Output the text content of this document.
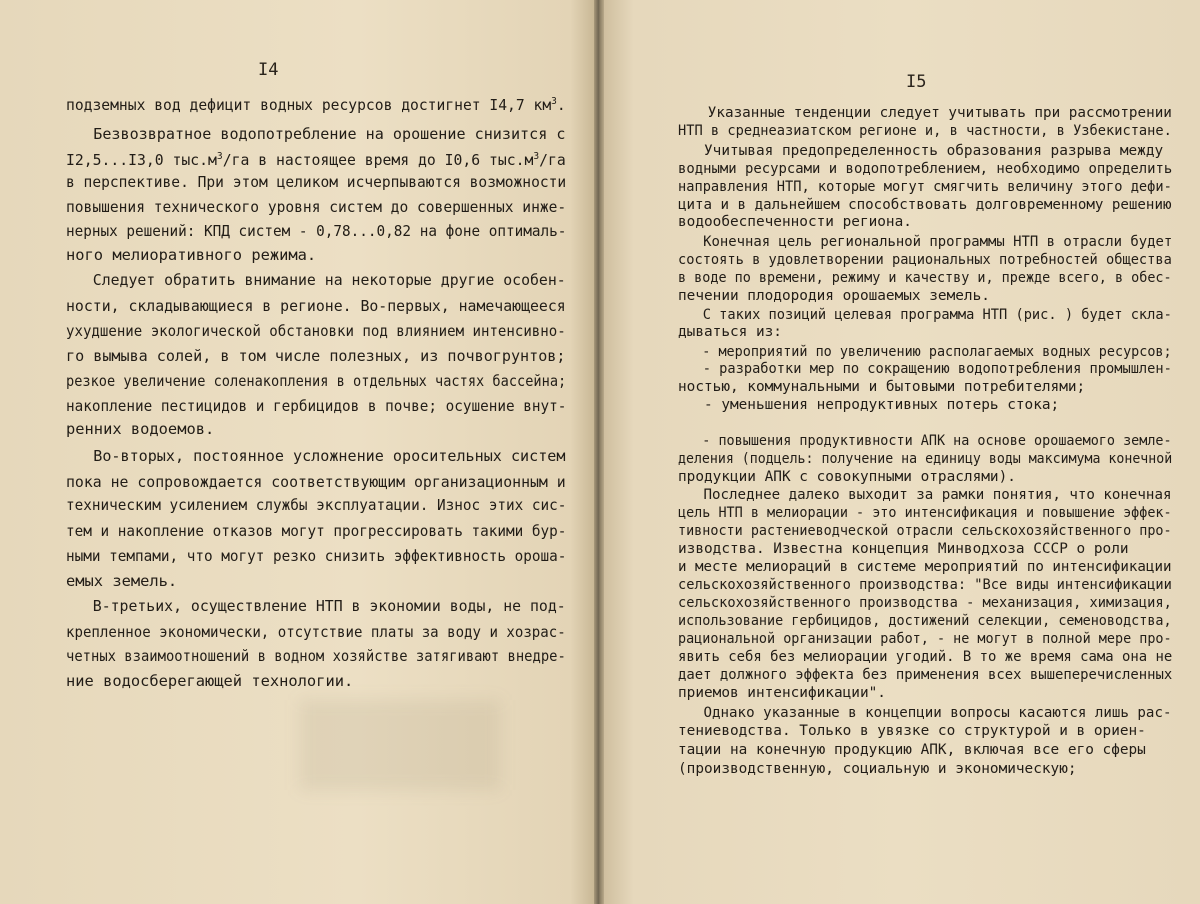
I4
подземных вод дефицит водных ресурсов достигнет I4,7 $км^3$.
Безвозвратное водопотребление на орошение снизится с
I2,5...I3,0 $тыс.м^3/га$ в настоящее время до I0,6 $тыс.м^3/га$
в перспективе. При этом целиком исчерпываются возможности
повышения технического уровня систем до совершенных инже-
нерных решений: КПД систем - 0,78...0,82 на фоне оптималь-
ного мелиоративного режима.
Следует обратить внимание на некоторые другие особен-
ности, складывающиеся в регионе. Во-первых, намечающееся
ухудшение экологической обстановки под влиянием интенсивно-
го вымыва солей, в том числе полезных, из почвогрунтов;
резкое увеличение соленакопления в отдельных частях бассейна;
накопление пестицидов и гербицидов в почве; осушение внут-
ренних водоемов.
Во-вторых, постоянное усложнение оросительных систем
пока не сопровождается соответствующим организационным и
техническим усилением службы эксплуатации. Износ этих сис-
тем и накопление отказов могут прогрессировать такими бур-
ными темпами, что могут резко снизить эффективность ороша-
емых земель.
В-третьих, осуществление НТП в экономии воды, не под-
крепленное экономически, отсутствие платы за воду и хозрас-
четных взаимоотношений в водном хозяйстве затягивают внедре-
ние водосберегающей технологии.
I5
Указанные тенденции следует учитывать при рассмотрении
НТП в среднеазиатском регионе и, в частности, в Узбекистане.
Учитывая предопределенность образования разрыва между
водными ресурсами и водопотреблением, необходимо определить
направления НТП, которые могут смягчить величину этого дефи-
цита и в дальнейшем способствовать долговременному решению
водообеспеченности региона.
Конечная цель региональной программы НТП в отрасли будет
состоять в удовлетворении рациональных потребностей общества
в воде по времени, режиму и качеству и, прежде всего, в обес-
печении плодородия орошаемых земель.
С таких позиций целевая программа НТП (рис. ) будет скла-
дываться из:
- мероприятий по увеличению располагаемых водных ресурсов;
- разработки мер по сокращению водопотребления промышлен-
ностью, коммунальными и бытовыми потребителями;
- уменьшения непродуктивных потерь стока;
- повышения продуктивности АПК на основе орошаемого земле-
деления (подцель: получение на единицу воды максимума конечной
продукции АПК с совокупными отраслями).
Последнее далеко выходит за рамки понятия, что конечная
цель НТП в мелиорации - это интенсификация и повышение эффек-
тивности растениеводческой отрасли сельскохозяйственного про-
изводства. Известна концепция Минводхоза СССР о роли
и месте мелиораций в системе мероприятий по интенсификации
сельскохозяйственного производства: "Все виды интенсификации
сельскохозяйственного производства - механизация, химизация,
использование гербицидов, достижений селекции, семеноводства,
рациональной организации работ, - не могут в полной мере про-
явить себя без мелиорации угодий. В то же время сама она не
дает должного эффекта без применения всех вышеперечисленных
приемов интенсификации".
Однако указанные в концепции вопросы касаются лишь рас-
тениеводства. Только в увязке со структурой и в ориен-
тации на конечную продукцию АПК, включая все его сферы
(производственную, социальную и экономическую;
